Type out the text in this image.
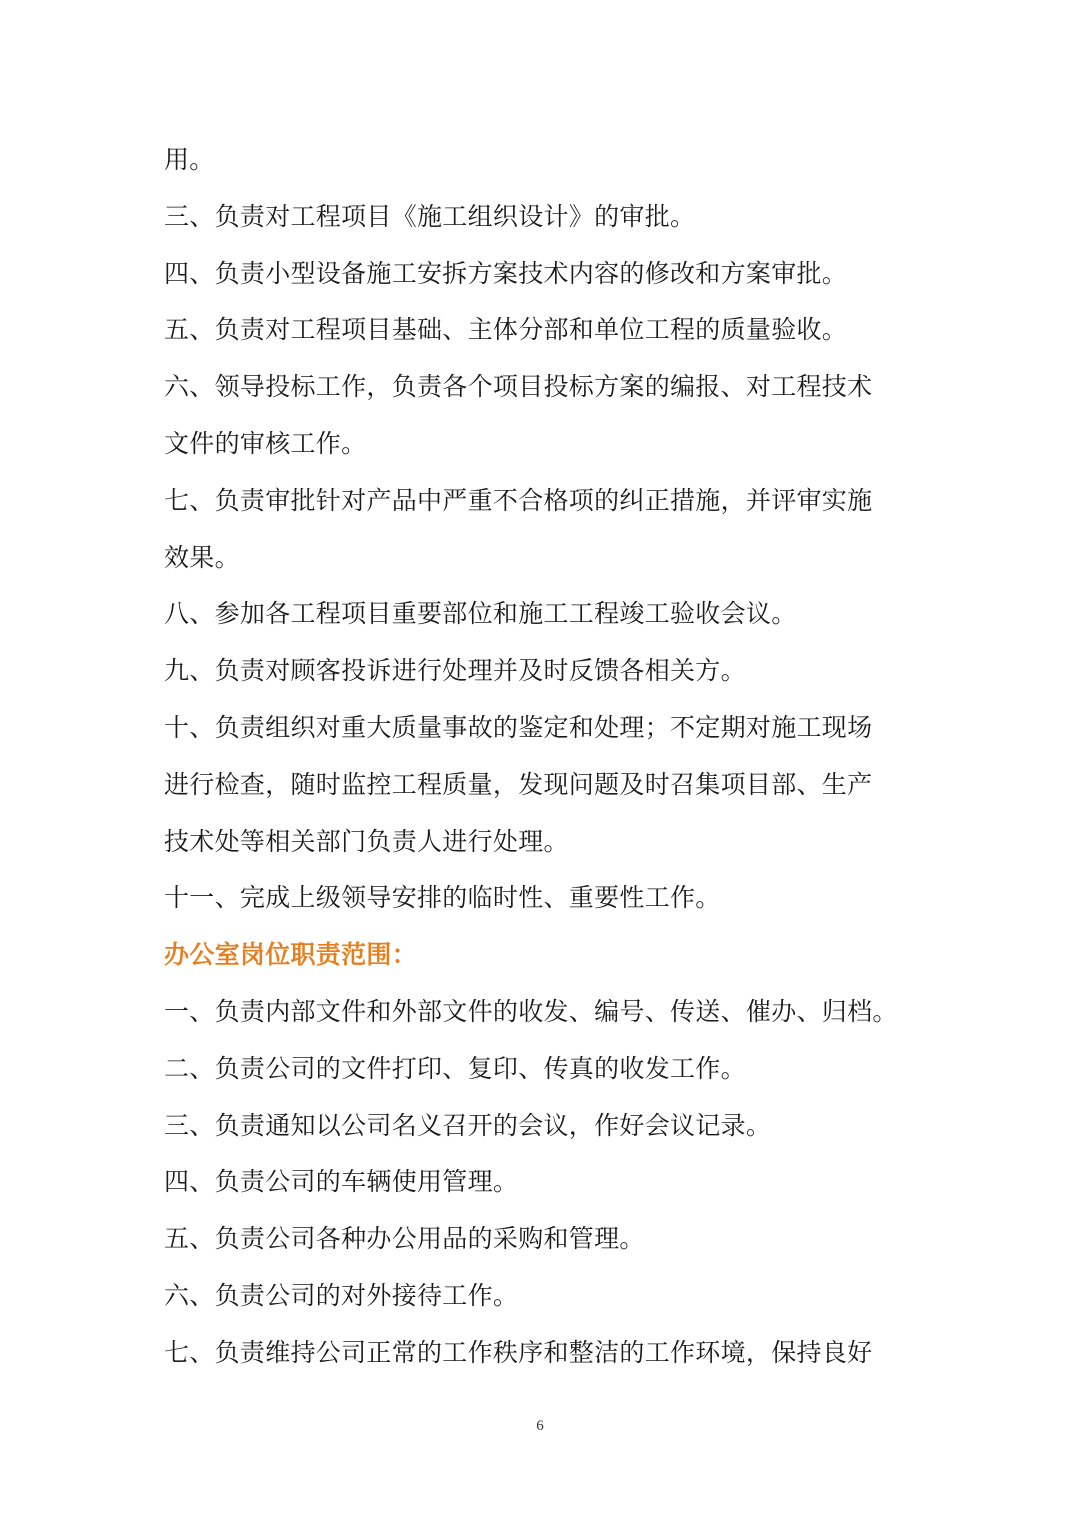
用。
三、负责对工程项目《施工组织设计》的审批。
四、负责小型设备施工安拆方案技术内容的修改和方案审批。
五、负责对工程项目基础、主体分部和单位工程的质量验收。
六、领导投标工作，负责各个项目投标方案的编报、对工程技术
文件的审核工作。
七、负责审批针对产品中严重不合格项的纠正措施，并评审实施
效果。
八、参加各工程项目重要部位和施工工程竣工验收会议。
九、负责对顾客投诉进行处理并及时反馈各相关方。
十、负责组织对重大质量事故的鉴定和处理；不定期对施工现场
进行检查，随时监控工程质量，发现问题及时召集项目部、生产
技术处等相关部门负责人进行处理。
十一、完成上级领导安排的临时性、重要性工作。
办公室岗位职责范围：
一、负责内部文件和外部文件的收发、编号、传送、催办、归档。
二、负责公司的文件打印、复印、传真的收发工作。
三、负责通知以公司名义召开的会议，作好会议记录。
四、负责公司的车辆使用管理。
五、负责公司各种办公用品的采购和管理。
六、负责公司的对外接待工作。
七、负责维持公司正常的工作秩序和整洁的工作环境，保持良好
6
